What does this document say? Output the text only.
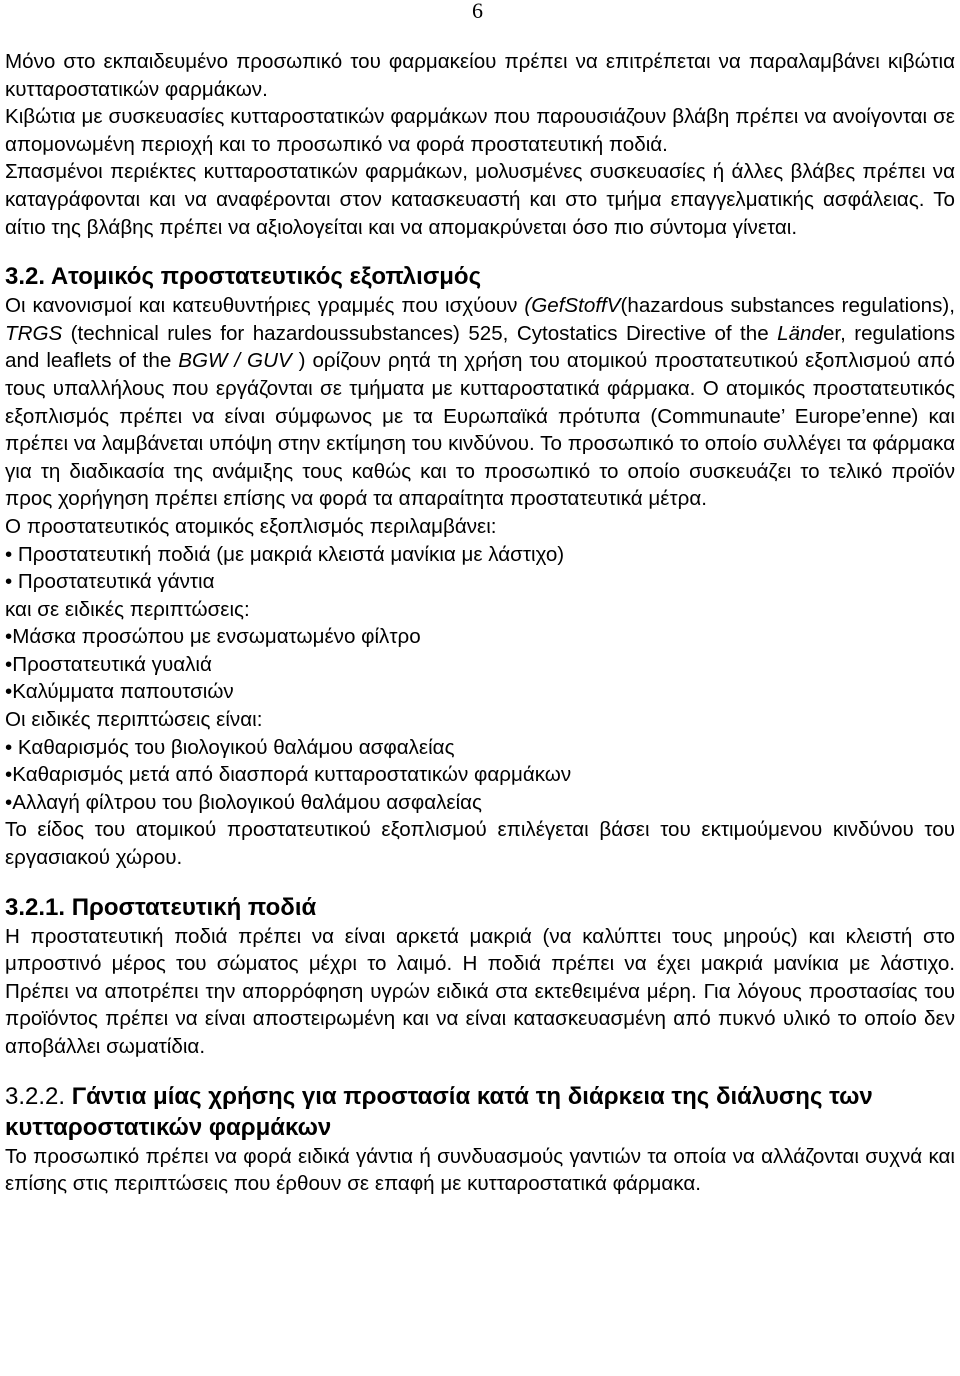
6

Μόνο στο εκπαιδευμένο προσωπικό του φαρμακείου πρέπει να επιτρέπεται να παραλαμβάνει κιβώτια κυτταροστατικών φαρμάκων.

Κιβώτια με συσκευασίες κυτταροστατικών φαρμάκων που παρουσιάζουν βλάβη πρέπει να ανοίγονται σε απομονωμένη περιοχή και το προσωπικό να φορά προστατευτική ποδιά.

Σπασμένοι περιέκτες κυτταροστατικών φαρμάκων, μολυσμένες συσκευασίες ή άλλες βλάβες πρέπει να καταγράφονται και να αναφέρονται στον κατασκευαστή και στο τμήμα επαγγελματικής ασφάλειας. Το αίτιο της βλάβης πρέπει να αξιολογείται και να απομακρύνεται όσο πιο σύντομα γίνεται.

3.2. Ατομικός προστατευτικός εξοπλισμός

Οι κανονισμοί και κατευθυντήριες γραμμές που ισχύουν (GefStoffV(hazardous substances regulations), TRGS (technical rules for hazardoussubstances) 525, Cytostatics Directive of the Länder, regulations and leaflets of the BGW / GUV ) ορίζουν ρητά τη χρήση του ατομικού προστατευτικού εξοπλισμού από τους υπαλλήλους που εργάζονται σε τμήματα με κυτταροστατικά φάρμακα. Ο ατομικός προστατευτικός εξοπλισμός πρέπει να είναι σύμφωνος με τα Ευρωπαϊκά πρότυπα (Communaute’ Europe’enne) και πρέπει να λαμβάνεται υπόψη στην εκτίμηση του κινδύνου. Το προσωπικό το οποίο συλλέγει τα φάρμακα για τη διαδικασία της ανάμιξης τους καθώς και το προσωπικό το οποίο συσκευάζει το τελικό προϊόν προς χορήγηση πρέπει επίσης να φορά τα απαραίτητα προστατευτικά μέτρα.

Ο προστατευτικός ατομικός εξοπλισμός περιλαμβάνει:

• Προστατευτική ποδιά (με μακριά κλειστά μανίκια με λάστιχο)

• Προστατευτικά γάντια

και σε ειδικές περιπτώσεις:

•Μάσκα προσώπου με ενσωματωμένο φίλτρο

•Προστατευτικά γυαλιά

•Καλύμματα παπουτσιών

Οι ειδικές περιπτώσεις είναι:

• Καθαρισμός του βιολογικού θαλάμου ασφαλείας

•Καθαρισμός μετά από διασπορά κυτταροστατικών φαρμάκων

•Αλλαγή φίλτρου του βιολογικού θαλάμου ασφαλείας

Το είδος του ατομικού προστατευτικού εξοπλισμού επιλέγεται βάσει του εκτιμούμενου κινδύνου του εργασιακού χώρου.

3.2.1. Προστατευτική ποδιά

Η προστατευτική ποδιά πρέπει να είναι αρκετά μακριά (να καλύπτει τους μηρούς) και κλειστή στο μπροστινό μέρος του σώματος μέχρι το λαιμό. Η ποδιά πρέπει να έχει μακριά μανίκια με λάστιχο. Πρέπει να αποτρέπει την απορρόφηση υγρών ειδικά στα εκτεθειμένα μέρη. Για λόγους προστασίας του προϊόντος πρέπει να είναι αποστειρωμένη και να είναι κατασκευασμένη από πυκνό υλικό το οποίο δεν αποβάλλει σωματίδια.

3.2.2. Γάντια μίας χρήσης για προστασία κατά τη διάρκεια της διάλυσης των κυτταροστατικών φαρμάκων

Το προσωπικό πρέπει να φορά ειδικά γάντια ή συνδυασμούς γαντιών τα οποία να αλλάζονται συχνά και επίσης στις περιπτώσεις που έρθουν σε επαφή με κυτταροστατικά φάρμακα.
